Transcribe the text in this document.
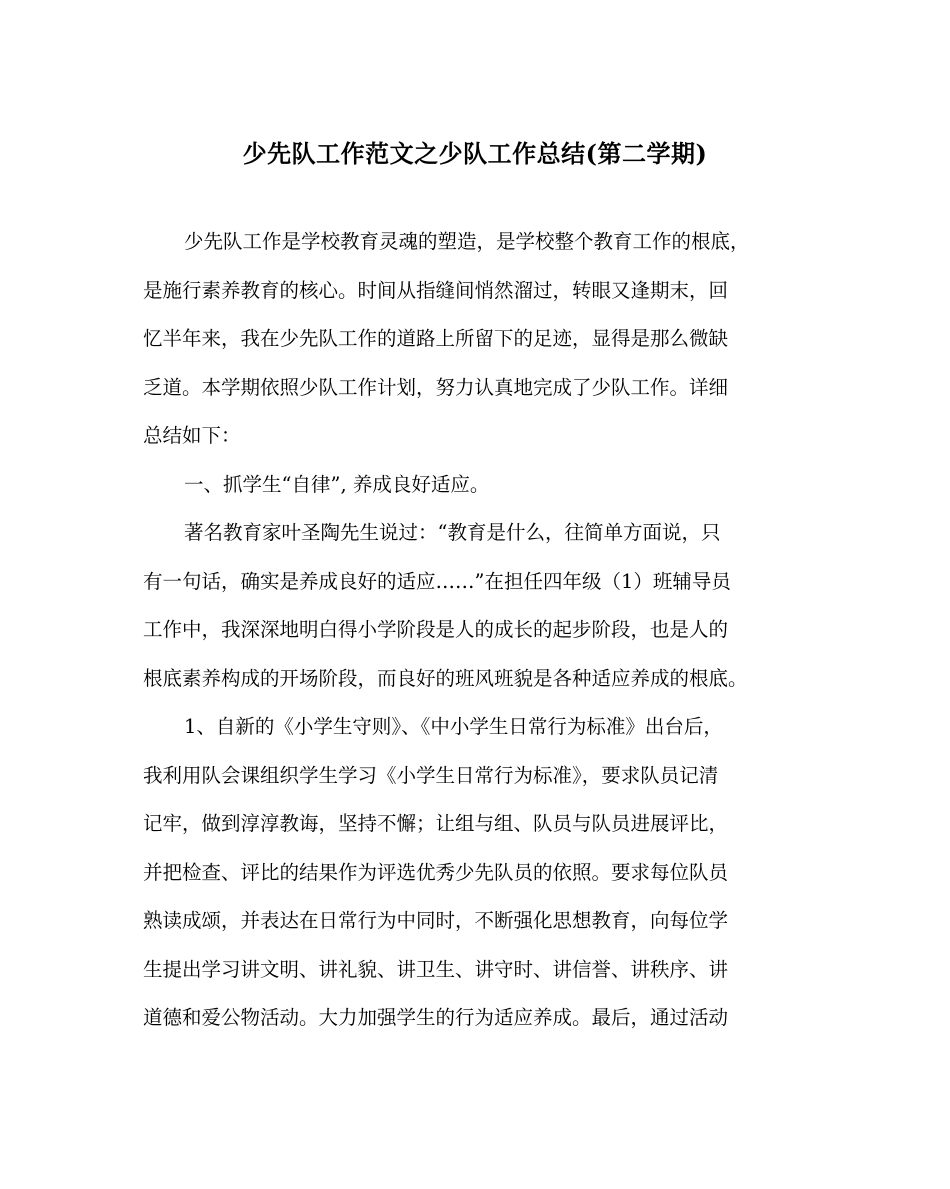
少先队工作范文之少队工作总结(第二学期)
少先队工作是学校教育灵魂的塑造，是学校整个教育工作的根底，
是施行素养教育的核心。时间从指缝间悄然溜过，转眼又逢期末，回
忆半年来，我在少先队工作的道路上所留下的足迹，显得是那么微缺
乏道。本学期依照少队工作计划，努力认真地完成了少队工作。详细
总结如下：
一、抓学生“自律”, 养成良好适应。
著名教育家叶圣陶先生说过：“教育是什么，往简单方面说，只
有一句话，确实是养成良好的适应……”在担任四年级（1）班辅导员
工作中，我深深地明白得小学阶段是人的成长的起步阶段，也是人的
根底素养构成的开场阶段，而良好的班风班貌是各种适应养成的根底。
1、自新的《小学生守则》、《中小学生日常行为标准》出台后，
我利用队会课组织学生学习《小学生日常行为标准》，要求队员记清
记牢，做到淳淳教诲，坚持不懈；让组与组、队员与队员进展评比，
并把检查、评比的结果作为评选优秀少先队员的依照。要求每位队员
熟读成颂，并表达在日常行为中同时，不断强化思想教育，向每位学
生提出学习讲文明、讲礼貌、讲卫生、讲守时、讲信誉、讲秩序、讲
道德和爱公物活动。大力加强学生的行为适应养成。最后，通过活动
